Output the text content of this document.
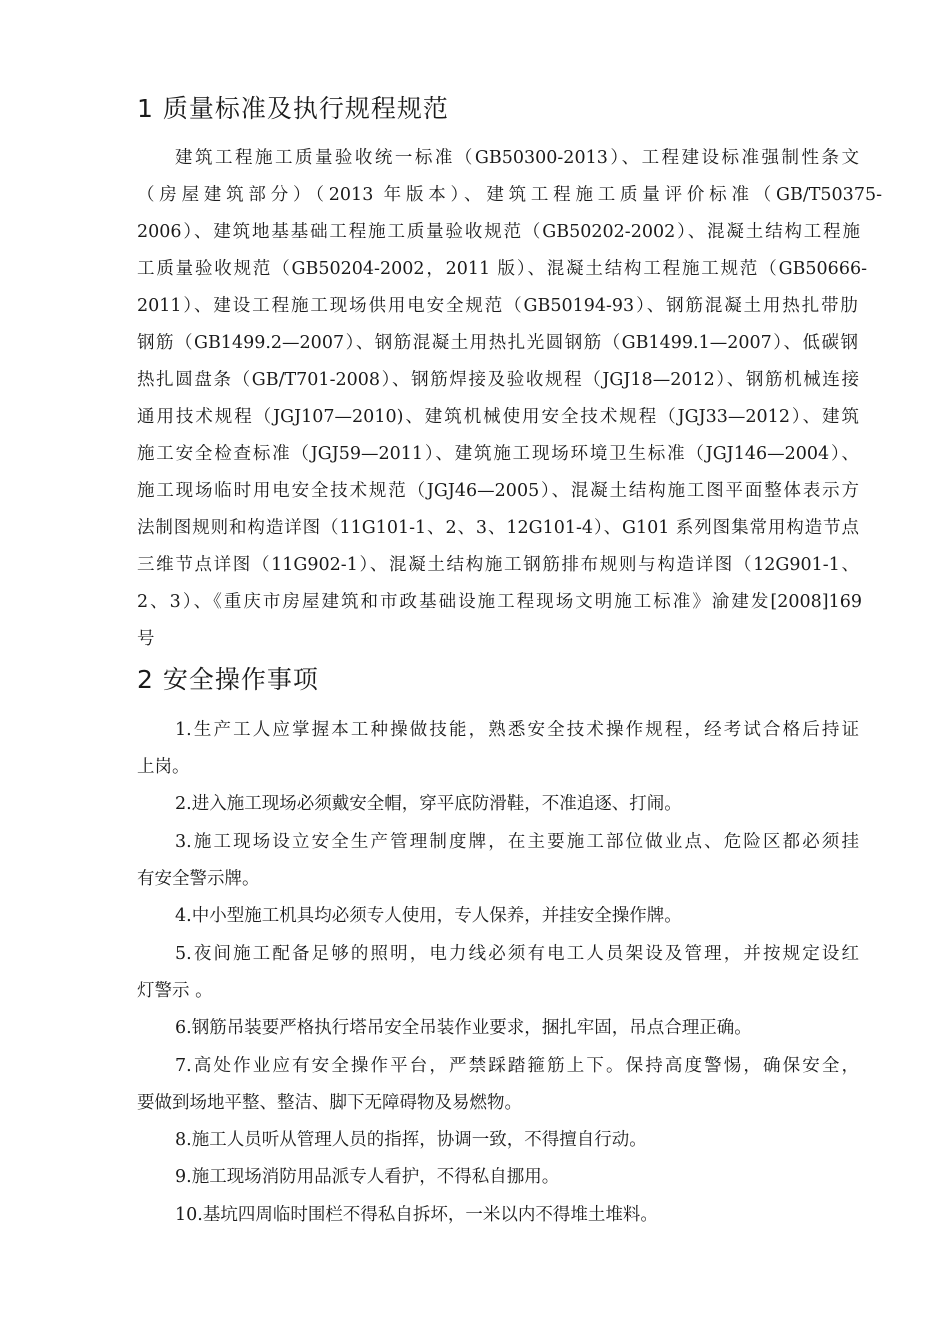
1 质量标准及执行规程规范
建筑工程施工质量验收统一标准（GB50300-2013）、工程建设标准强制性条文
（房屋建筑部分）（2013 年版本）、建筑工程施工质量评价标准（GB/T50375-
2006）、建筑地基基础工程施工质量验收规范（GB50202-2002）、混凝土结构工程施
工质量验收规范（GB50204-2002，2011 版）、混凝土结构工程施工规范（GB50666-
2011）、建设工程施工现场供用电安全规范（GB50194-93）、钢筋混凝土用热扎带肋
钢筋（GB1499.2—2007）、钢筋混凝土用热扎光圆钢筋（GB1499.1—2007）、低碳钢
热扎圆盘条（GB/T701-2008）、钢筋焊接及验收规程（JGJ18—2012）、钢筋机械连接
通用技术规程（JGJ107—2010)、建筑机械使用安全技术规程（JGJ33—2012）、建筑
施工安全检查标准（JGJ59—2011）、建筑施工现场环境卫生标准（JGJ146—2004）、
施工现场临时用电安全技术规范（JGJ46—2005）、混凝土结构施工图平面整体表示方
法制图规则和构造详图（11G101-1、2、3、12G101-4）、G101 系列图集常用构造节点
三维节点详图（11G902-1）、混凝土结构施工钢筋排布规则与构造详图（12G901-1、
2、3）、《重庆市房屋建筑和市政基础设施工程现场文明施工标准》渝建发[2008]169
号
2 安全操作事项
1.生产工人应掌握本工种操做技能，熟悉安全技术操作规程，经考试合格后持证
上岗。
2.进入施工现场必须戴安全帽，穿平底防滑鞋，不准追逐、打闹。
3.施工现场设立安全生产管理制度牌，在主要施工部位做业点、危险区都必须挂
有安全警示牌。
4.中小型施工机具均必须专人使用，专人保养，并挂安全操作牌。
5.夜间施工配备足够的照明，电力线必须有电工人员架设及管理，并按规定设红
灯警示 。
6.钢筋吊装要严格执行塔吊安全吊装作业要求，捆扎牢固，吊点合理正确。
7.高处作业应有安全操作平台，严禁踩踏箍筋上下。保持高度警惕，确保安全，
要做到场地平整、整洁、脚下无障碍物及易燃物。
8.施工人员听从管理人员的指挥，协调一致，不得擅自行动。
9.施工现场消防用品派专人看护，不得私自挪用。
10.基坑四周临时围栏不得私自拆坏，一米以内不得堆土堆料。
